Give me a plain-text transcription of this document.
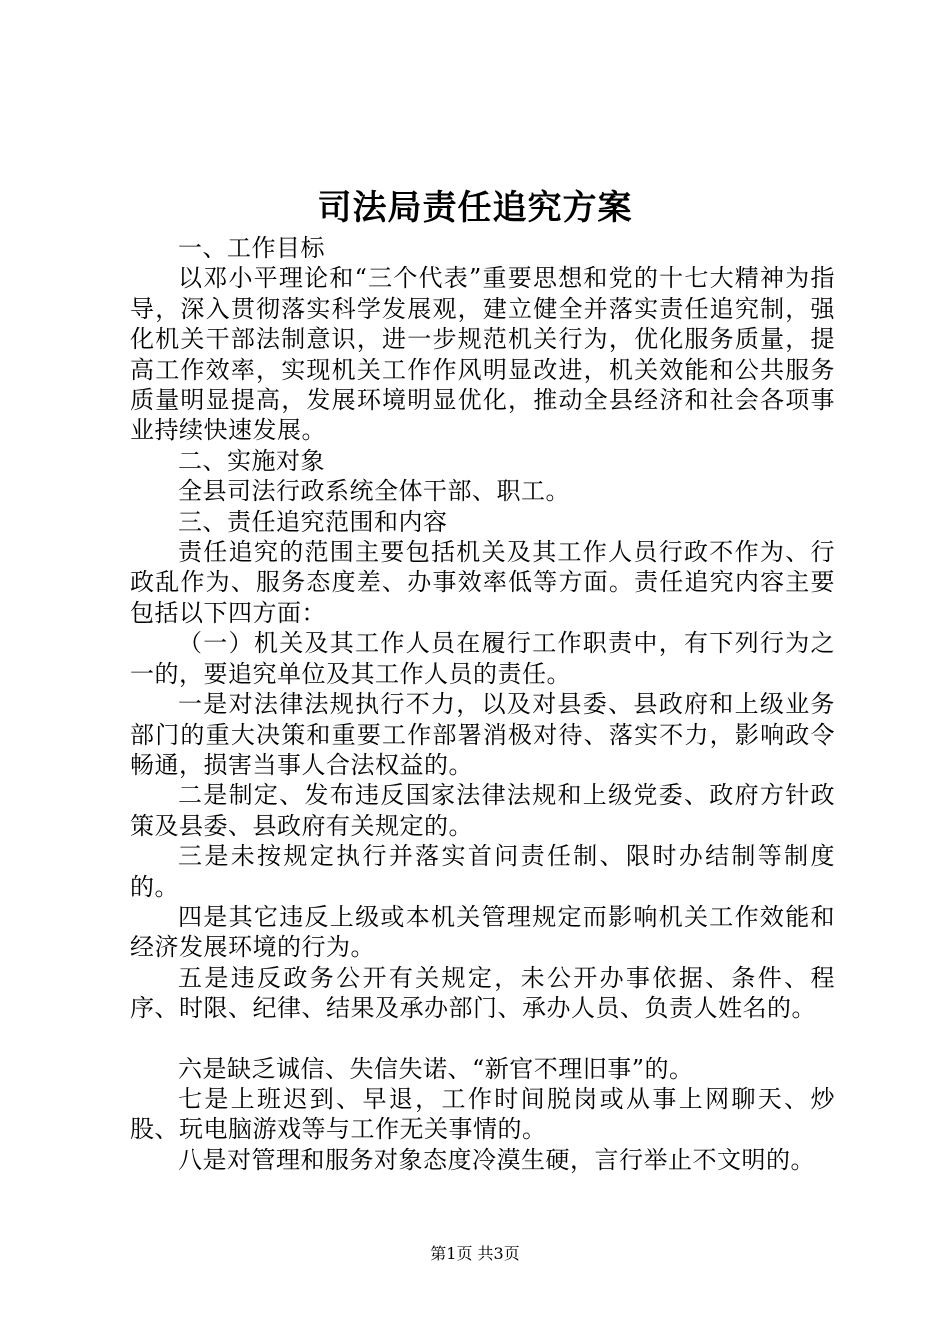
司法局责任追究方案

一、工作目标

以邓小平理论和“三个代表”重要思想和党的十七大精神为指导，深入贯彻落实科学发展观，建立健全并落实责任追究制，强化机关干部法制意识，进一步规范机关行为，优化服务质量，提高工作效率，实现机关工作作风明显改进，机关效能和公共服务质量明显提高，发展环境明显优化，推动全县经济和社会各项事业持续快速发展。

二、实施对象

全县司法行政系统全体干部、职工。

三、责任追究范围和内容

责任追究的范围主要包括机关及其工作人员行政不作为、行政乱作为、服务态度差、办事效率低等方面。责任追究内容主要包括以下四方面：

（一）机关及其工作人员在履行工作职责中，有下列行为之一的，要追究单位及其工作人员的责任。

一是对法律法规执行不力，以及对县委、县政府和上级业务部门的重大决策和重要工作部署消极对待、落实不力，影响政令畅通，损害当事人合法权益的。

二是制定、发布违反国家法律法规和上级党委、政府方针政策及县委、县政府有关规定的。

三是未按规定执行并落实首问责任制、限时办结制等制度的。

四是其它违反上级或本机关管理规定而影响机关工作效能和经济发展环境的行为。

五是违反政务公开有关规定，未公开办事依据、条件、程序、时限、纪律、结果及承办部门、承办人员、负责人姓名的。

六是缺乏诚信、失信失诺、“新官不理旧事”的。

七是上班迟到、早退，工作时间脱岗或从事上网聊天、炒股、玩电脑游戏等与工作无关事情的。

八是对管理和服务对象态度冷漠生硬，言行举止不文明的。

第1页 共3页
